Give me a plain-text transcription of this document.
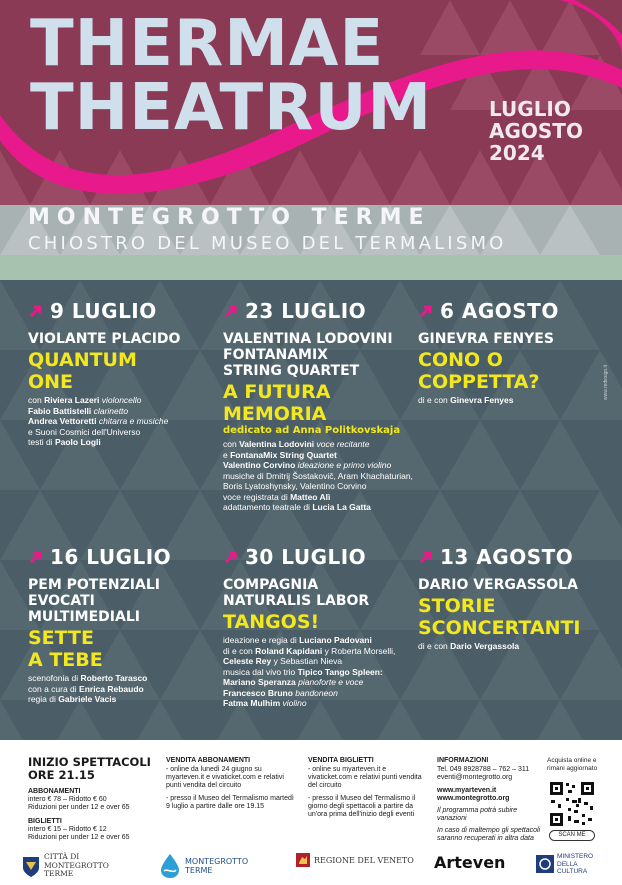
THERMAE
THEATRUM	LUGLIO
AGOSTO
2024
MONTEGROTTO TERME
CHIOSTRO DEL MUSEO DEL TERMALISMO
9 LUGLIO
VIOLANTE PLACIDO
QUANTUM
ONE
con Riviera Lazeri violoncello
Fabio Battistelli clarinetto
Andrea Vettoretti chitarra e musiche
e Suoni Cosmici dell'Universo
testi di Paolo Logli
23 LUGLIO
VALENTINA LODOVINI
FONTANAMIX
STRING QUARTET
A FUTURA
MEMORIA
dedicato ad Anna Politkovskaja
con Valentina Lodovini voce recitante
e FontanaMix String Quartet
Valentino Corvino ideazione e primo violino
musiche di Dmitrij Šostakovič, Aram Khachaturian,
Boris Lyatoshynsky, Valentino Corvino
voce registrata di Matteo Alì
adattamento teatrale di Lucia La Gatta
6 AGOSTO
GINEVRA FENYES
CONO O
COPPETTA?
di e con Ginevra Fenyes
16 LUGLIO
PEM POTENZIALI
EVOCATI
MULTIMEDIALI
SETTE
A TEBE
scenofonia di Roberto Tarasco
con a cura di Enrica Rebaudo
regia di Gabriele Vacis
30 LUGLIO
COMPAGNIA
NATURALIS LABOR
TANGOS!
ideazione e regia di Luciano Padovani
di e con Roland Kapidani y Roberta Morselli,
Celeste Rey y Sebastian Nieva
musica dal vivo trio Tipico Tango Spleen:
Mariano Speranza pianoforte e voce
Francesco Bruno bandoneon
Fatma Mulhim violino
13 AGOSTO
DARIO VERGASSOLA
STORIE
SCONCERTANTI
di e con Dario Vergassola
www.redesign.it
INIZIO SPETTACOLI
ORE 21.15
ABBONAMENTI
intero € 78 – Ridotto € 60
Riduzioni per under 12 e over 65
BIGLIETTI
intero € 15 – Ridotto € 12
Riduzioni per under 12 e over 65
VENDITA ABBONAMENTI

- online da lunedì 24 giugno su myarteven.it e vivaticket.com e relativi punti vendita del circuito

- presso il Museo del Termalismo martedì 9 luglio a partire dalle ore 19.15

VENDITA BIGLIETTI

- online su myarteven.it e vivaticket.com e relativi punti vendita del circuito

- presso il Museo del Termalismo il giorno degli spettacoli a partire da un'ora prima dell'inizio degli eventi

INFORMAZIONI
Tel. 049 8928788 – 762 – 311
eventi@montegrotto.org
www.myarteven.it
www.montegrotto.org
Il programma potrà subire variazioni
In caso di maltempo gli spettacoli saranno recuperati in altra data
Acquista online e rimani aggiornato
SCAN ME
CITTÀ DI MONTEGROTTO TERME
MONTEGROTTO TERME
REGIONE DEL VENETO Arteven	MINISTERO DELLA CULTURA
